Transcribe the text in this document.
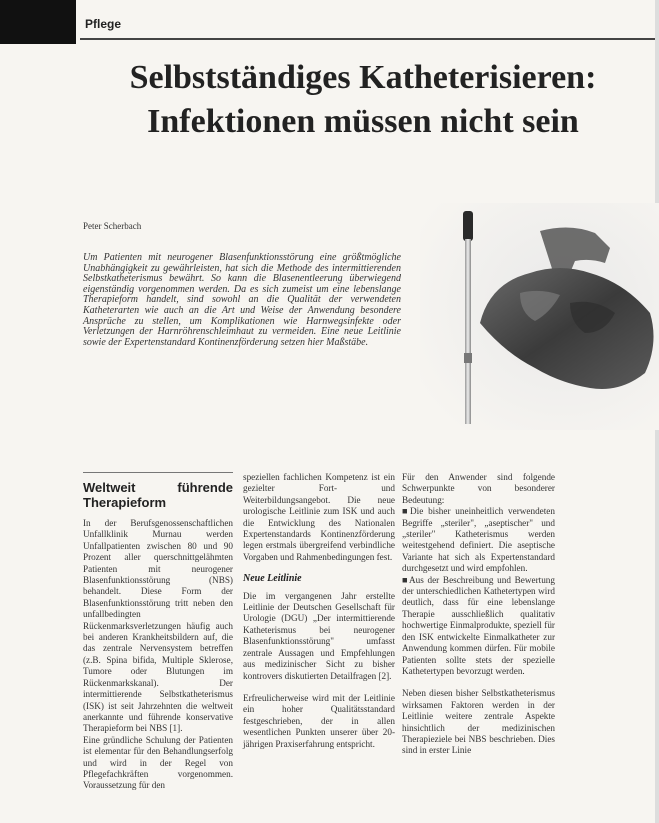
Pflege
Selbstständiges Katheterisieren:
Infektionen müssen nicht sein
Peter Scherbach
Um Patienten mit neurogener Blasenfunktionsstörung eine größtmögliche Unabhängigkeit zu gewährleisten, hat sich die Methode des intermittierenden Selbstkatheterismus bewährt. So kann die Blasenentleerung überwiegend eigenständig vorgenommen werden. Da es sich zumeist um eine lebenslange Therapieform handelt, sind sowohl an die Qualität der verwendeten Katheterarten wie auch an die Art und Weise der Anwendung besondere Ansprüche zu stellen, um Komplikationen wie Harnwegsinfekte oder Verletzungen der Harnröhrenschleimhaut zu vermeiden. Eine neue Leitlinie sowie der Expertenstandard Kontinenzförderung setzen hier Maßstäbe.
Weltweit führende Therapieform

In der Berufsgenossenschaftlichen Unfallklinik Murnau werden Unfallpatienten zwischen 80 und 90 Prozent aller querschnittgelähmten Patienten mit neurogener Blasenfunktionsstörung (NBS) behandelt. Diese Form der Blasenfunktionsstörung tritt neben den unfallbedingten Rückenmarksverletzungen häufig auch bei anderen Krankheitsbildern auf, die das zentrale Nervensystem betreffen (z.B. Spina bifida, Multiple Sklerose, Tumore oder Blutungen im Rückenmarkskanal). Der intermittierende Selbstkatheterismus (ISK) ist seit Jahrzehnten die weltweit anerkannte und führende konservative Therapieform bei NBS [1].

Eine gründliche Schulung der Patienten ist elementar für den Behandlungserfolg und wird in der Regel von Pflegefachkräften vorgenommen. Voraussetzung für den

speziellen fachlichen Kompetenz ist ein gezielter Fort- und Weiterbildungsangebot. Die neue urologische Leitlinie zum ISK und auch die Entwicklung des Nationalen Expertenstandards Kontinenzförderung legen erstmals übergreifend verbindliche Vorgaben und Rahmenbedingungen fest.

Neue Leitlinie

Die im vergangenen Jahr erstellte Leitlinie der Deutschen Gesellschaft für Urologie (DGU) „Der intermittierende Katheterismus bei neurogener Blasenfunktionsstörung" umfasst zentrale Aussagen und Empfehlungen aus medizinischer Sicht zu bisher kontrovers diskutierten Detailfragen [2].

Erfreulicherweise wird mit der Leitlinie ein hoher Qualitätsstandard festgeschrieben, der in allen wesentlichen Punkten unserer über 20-jährigen Praxiserfahrung entspricht.

Für den Anwender sind folgende Schwerpunkte von besonderer Bedeutung:

■ Die bisher uneinheitlich verwendeten Begriffe „steriler", „aseptischer" und „steriler" Katheterismus werden weitestgehend definiert. Die aseptische Variante hat sich als Expertenstandard durchgesetzt und wird empfohlen.

■ Aus der Beschreibung und Bewertung der unterschiedlichen Kathetertypen wird deutlich, dass für eine lebenslange Therapie ausschließlich qualitativ hochwertige Einmalprodukte, speziell für den ISK entwickelte Einmalkatheter zur Anwendung kommen dürfen. Für mobile Patienten sollte stets der spezielle Kathetertypen bevorzugt werden.

Neben diesen bisher Selbstkatheterismus wirksamen Faktoren werden in der Leitlinie weitere zentrale Aspekte hinsichtlich der medizinischen Therapieziele bei NBS beschrieben. Dies sind in erster Linie
